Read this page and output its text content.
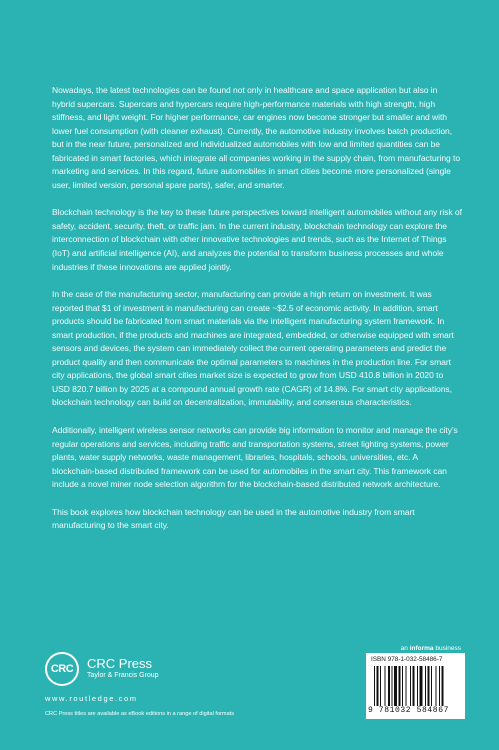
Nowadays, the latest technologies can be found not only in healthcare and space application but also in hybrid supercars. Supercars and hypercars require high-performance materials with high strength, high stiffness, and light weight. For higher performance, car engines now become stronger but smaller and with lower fuel consumption (with cleaner exhaust). Currently, the automotive industry involves batch production, but in the near future, personalized and individualized automobiles with low and limited quantities can be fabricated in smart factories, which integrate all companies working in the supply chain, from manufacturing to marketing and services. In this regard, future automobiles in smart cities become more personalized (single user, limited version, personal spare parts), safer, and smarter.

Blockchain technology is the key to these future perspectives toward intelligent automobiles without any risk of safety, accident, security, theft, or traffic jam. In the current industry, blockchain technology can explore the interconnection of blockchain with other innovative technologies and trends, such as the Internet of Things (IoT) and artificial intelligence (AI), and analyzes the potential to transform business processes and whole industries if these innovations are applied jointly.

In the case of the manufacturing sector, manufacturing can provide a high return on investment. It was reported that $1 of investment in manufacturing can create ~$2.5 of economic activity. In addition, smart products should be fabricated from smart materials via the intelligent manufacturing system framework. In smart production, if the products and machines are integrated, embedded, or otherwise equipped with smart sensors and devices, the system can immediately collect the current operating parameters and predict the product quality and then communicate the optimal parameters to machines in the production line. For smart city applications, the global smart cities market size is expected to grow from USD 410.8 billion in 2020 to USD 820.7 billion by 2025 at a compound annual growth rate (CAGR) of 14.8%. For smart city applications, blockchain technology can build on decentralization, immutability, and consensus characteristics.

Additionally, intelligent wireless sensor networks can provide big information to monitor and manage the city's regular operations and services, including traffic and transportation systems, street lighting systems, power plants, water supply networks, waste management, libraries, hospitals, schools, universities, etc. A blockchain-based distributed framework can be used for automobiles in the smart city. This framework can include a novel miner node selection algorithm for the blockchain-based distributed network architecture.

This book explores how blockchain technology can be used in the automotive industry from smart manufacturing to the smart city.

an informa business
CRC CRC Press
Taylor & Francis Group
www.routledge.com
CRC Press titles are available as eBook editions in a range of digital formats
ISBN 978-1-032-58486-7
9 781032 584867
